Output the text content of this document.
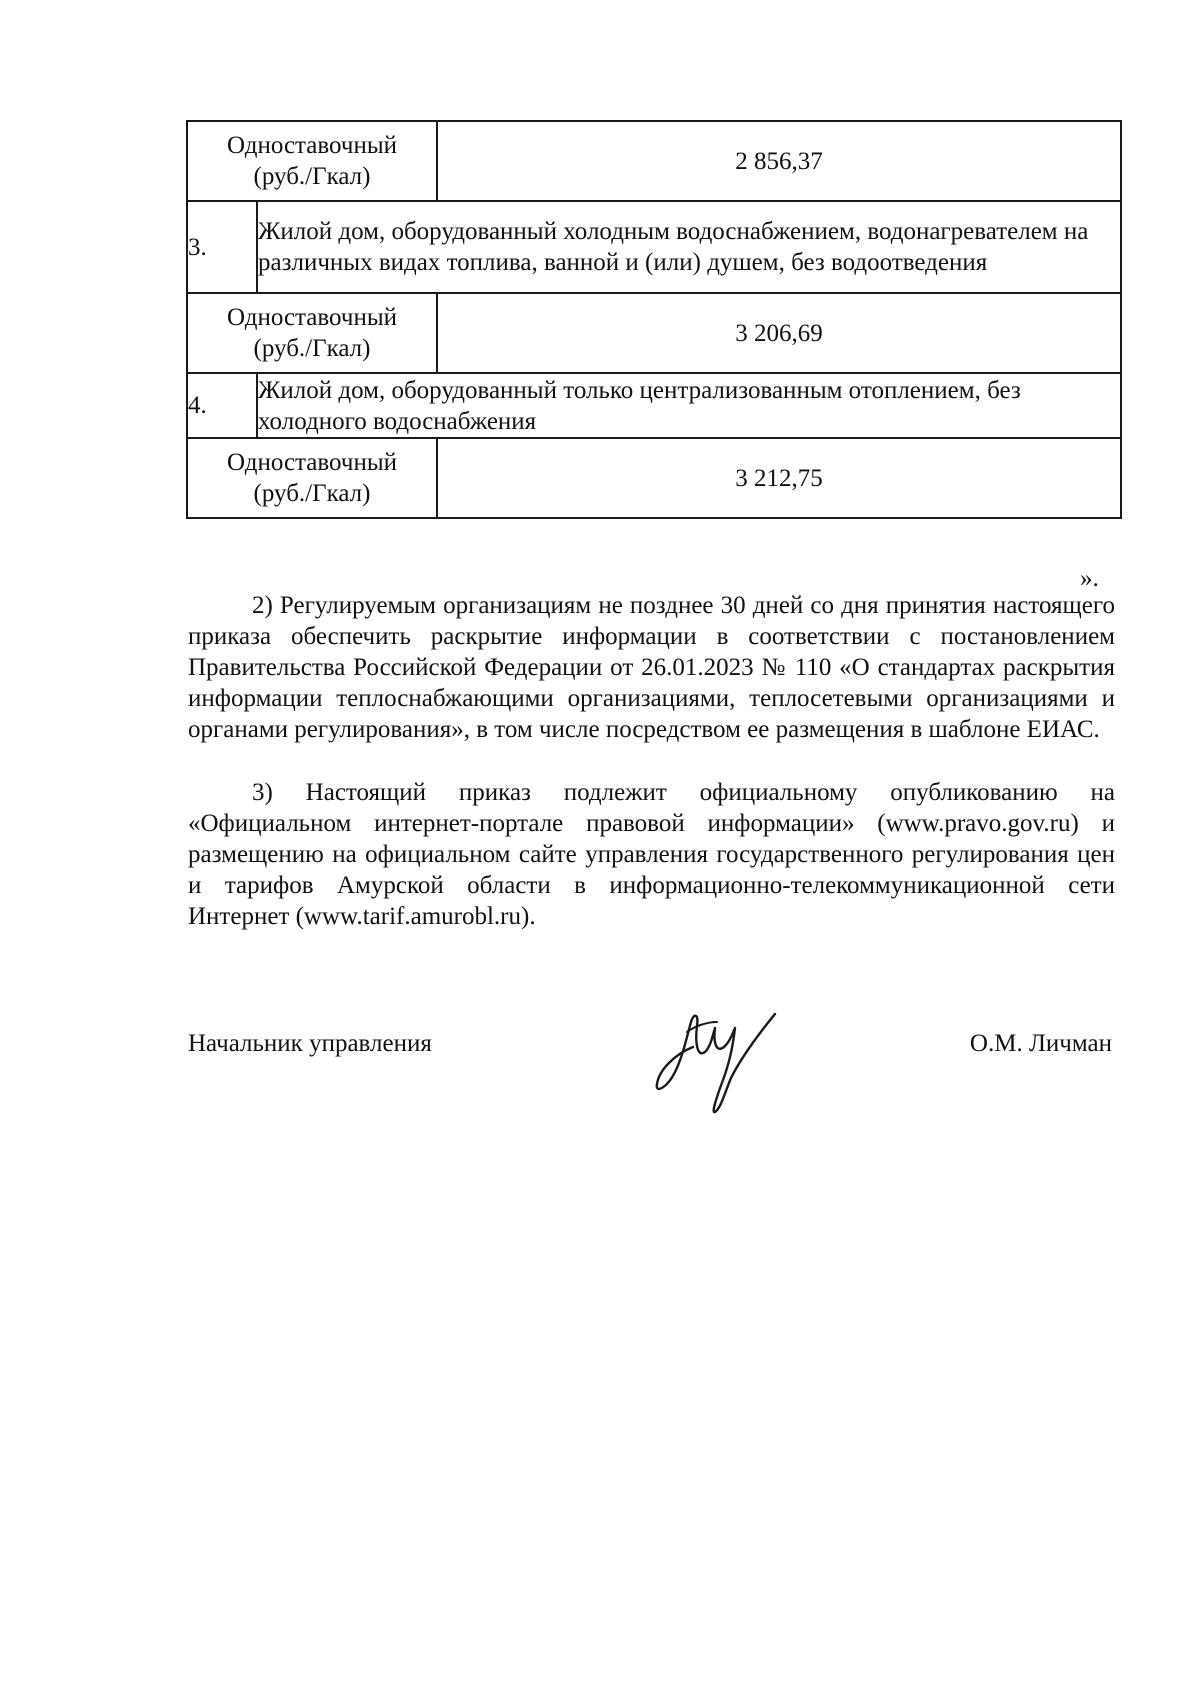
Одноставочный
(руб./Гкал)		2 856,37
3.	Жилой дом, оборудованный холодным водоснабжением, водонагревателем на различных видах топлива, ванной и (или) душем, без водоотведения	

Одноставочный
(руб./Гкал)		3 206,69
4.	Жилой дом, оборудованный только централизованным отоплением, без холодного водоснабжения	

Одноставочный
(руб./Гкал)		3 212,75
».

2) Регулируемым организациям не позднее 30 дней со дня принятия настоящего приказа обеспечить раскрытие информации в соответствии с постановлением Правительства Российской Федерации от 26.01.2023 № 110 «О стандартах раскрытия информации теплоснабжающими организациями, теплосетевыми организациями и органами регулирования», в том числе посредством ее размещения в шаблоне ЕИАС.

3) Настоящий приказ подлежит официальному опубликованию на «Официальном интернет-портале правовой информации» (www.pravo.gov.ru) и размещению на официальном сайте управления государственного регулирования цен и тарифов Амурской области в информационно-телекоммуникационной сети Интернет (www.tarif.amurobl.ru).

Начальник управления	О.М. Личман
